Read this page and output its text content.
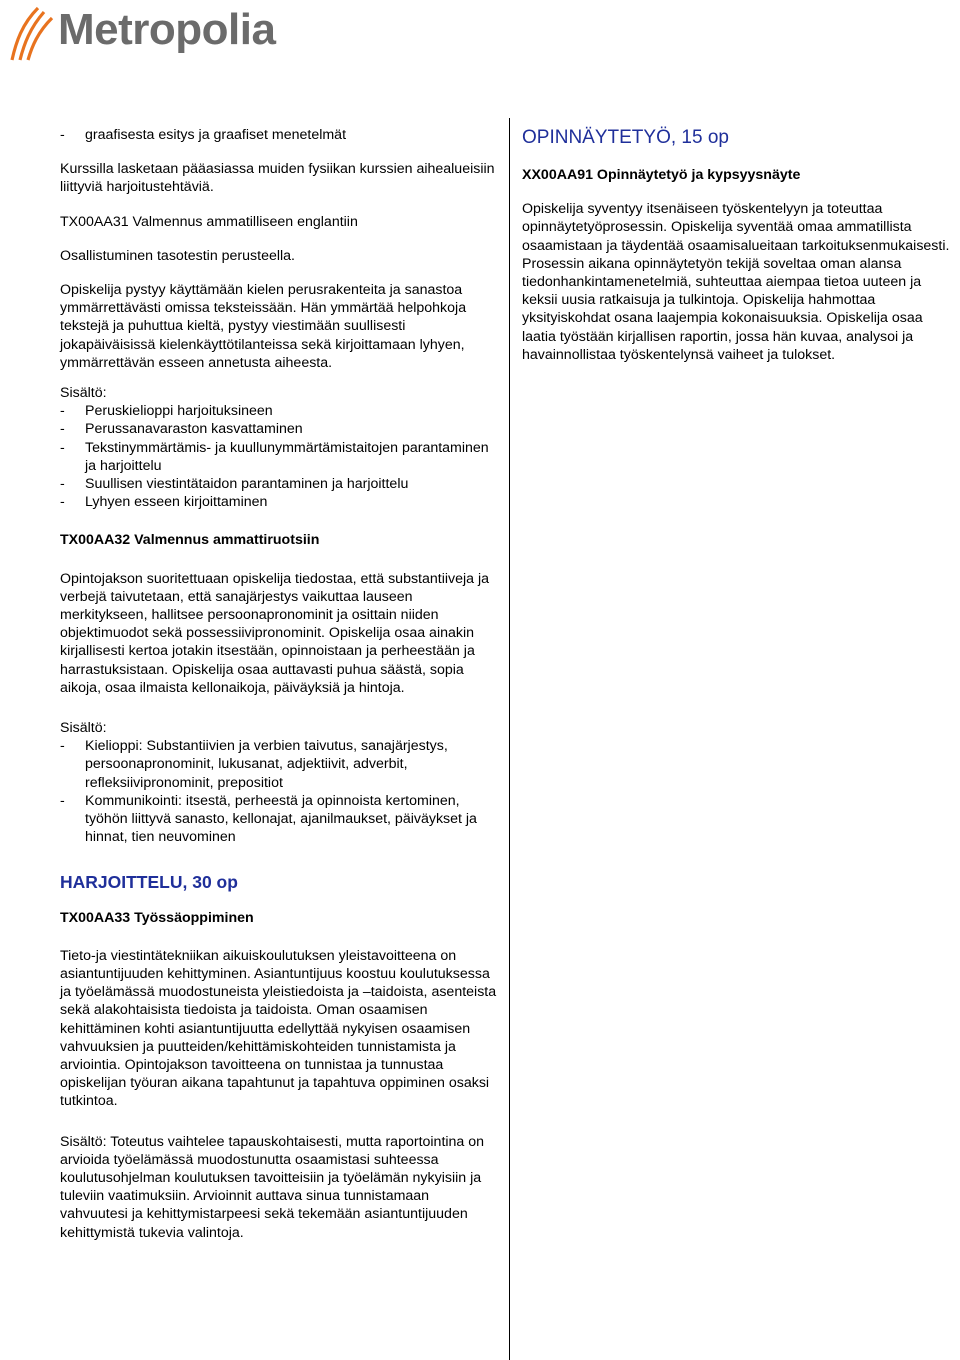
Metropolia

- graafisesta esitys ja graafiset menetelmät

Kurssilla lasketaan pääasiassa muiden fysiikan kurssien aihealueisiin liittyviä harjoitustehtäviä.

TX00AA31 Valmennus ammatilliseen englantiin

Osallistuminen tasotestin perusteella.

Opiskelija pystyy käyttämään kielen perusrakenteita ja sanastoa ymmärrettävästi omissa teksteissään. Hän ymmärtää helpohkoja tekstejä ja puhuttua kieltä, pystyy viestimään suullisesti jokapäiväisissä kielenkäyttötilanteissa sekä kirjoittamaan lyhyen, ymmärrettävän esseen annetusta aiheesta.

Sisältö:

- Peruskielioppi harjoituksineen

- Perussanavaraston kasvattaminen

- Tekstinymmärtämis- ja kuullunymmärtämistaitojen parantaminen ja harjoittelu

- Suullisen viestintätaidon parantaminen ja harjoittelu

- Lyhyen esseen kirjoittaminen

TX00AA32 Valmennus ammattiruotsiin

Opintojakson suoritettuaan opiskelija tiedostaa, että substantiiveja ja verbejä taivutetaan, että sanajärjestys vaikuttaa lauseen merkitykseen, hallitsee persoonapronominit ja osittain niiden objektimuodot sekä possessiivipronominit. Opiskelija osaa ainakin kirjallisesti kertoa jotakin itsestään, opinnoistaan ja perheestään ja harrastuksistaan. Opiskelija osaa auttavasti puhua säästä, sopia aikoja, osaa ilmaista kellonaikoja, päiväyksiä ja hintoja.

Sisältö:

- Kielioppi: Substantiivien ja verbien taivutus, sanajärjestys, persoonapronominit, lukusanat, adjektiivit, adverbit, refleksiivipronominit, prepositiot

- Kommunikointi: itsestä, perheestä ja opinnoista kertominen, työhön liittyvä sanasto, kellonajat, ajanilmaukset, päiväykset ja hinnat, tien neuvominen

HARJOITTELU, 30 op

TX00AA33 Työssäoppiminen

Tieto-ja viestintätekniikan aikuiskoulutuksen yleistavoitteena on asiantuntijuuden kehittyminen. Asiantuntijuus koostuu koulutuksessa ja työelämässä muodostuneista yleistiedoista ja –taidoista, asenteista sekä alakohtaisista tiedoista ja taidoista. Oman osaamisen kehittäminen kohti asiantuntijuutta edellyttää nykyisen osaamisen vahvuuksien ja puutteiden/kehittämiskohteiden tunnistamista ja arviointia. Opintojakson tavoitteena on tunnistaa ja tunnustaa opiskelijan työuran aikana tapahtunut ja tapahtuva oppiminen osaksi tutkintoa.

Sisältö: Toteutus vaihtelee tapauskohtaisesti, mutta raportointina on arvioida työelämässä muodostunutta osaamistasi suhteessa koulutusohjelman koulutuksen tavoitteisiin ja työelämän nykyisiin ja tuleviin vaatimuksiin. Arvioinnit auttava sinua tunnistamaan vahvuutesi ja kehittymistarpeesi sekä tekemään asiantuntijuuden kehittymistä tukevia valintoja.

OPINNÄYTETYÖ, 15 op

XX00AA91 Opinnäytetyö ja kypsyysnäyte

Opiskelija syventyy itsenäiseen työskentelyyn ja toteuttaa opinnäytetyöprosessin. Opiskelija syventää omaa ammatillista osaamistaan ja täydentää osaamisalueitaan tarkoituksenmukaisesti. Prosessin aikana opinnäytetyön tekijä soveltaa oman alansa tiedonhankintamenetelmiä, suhteuttaa aiempaa tietoa uuteen ja keksii uusia ratkaisuja ja tulkintoja. Opiskelija hahmottaa yksityiskohdat osana laajempia kokonaisuuksia. Opiskelija osaa laatia työstään kirjallisen raportin, jossa hän kuvaa, analysoi ja havainnollistaa työskentelynsä vaiheet ja tulokset.
